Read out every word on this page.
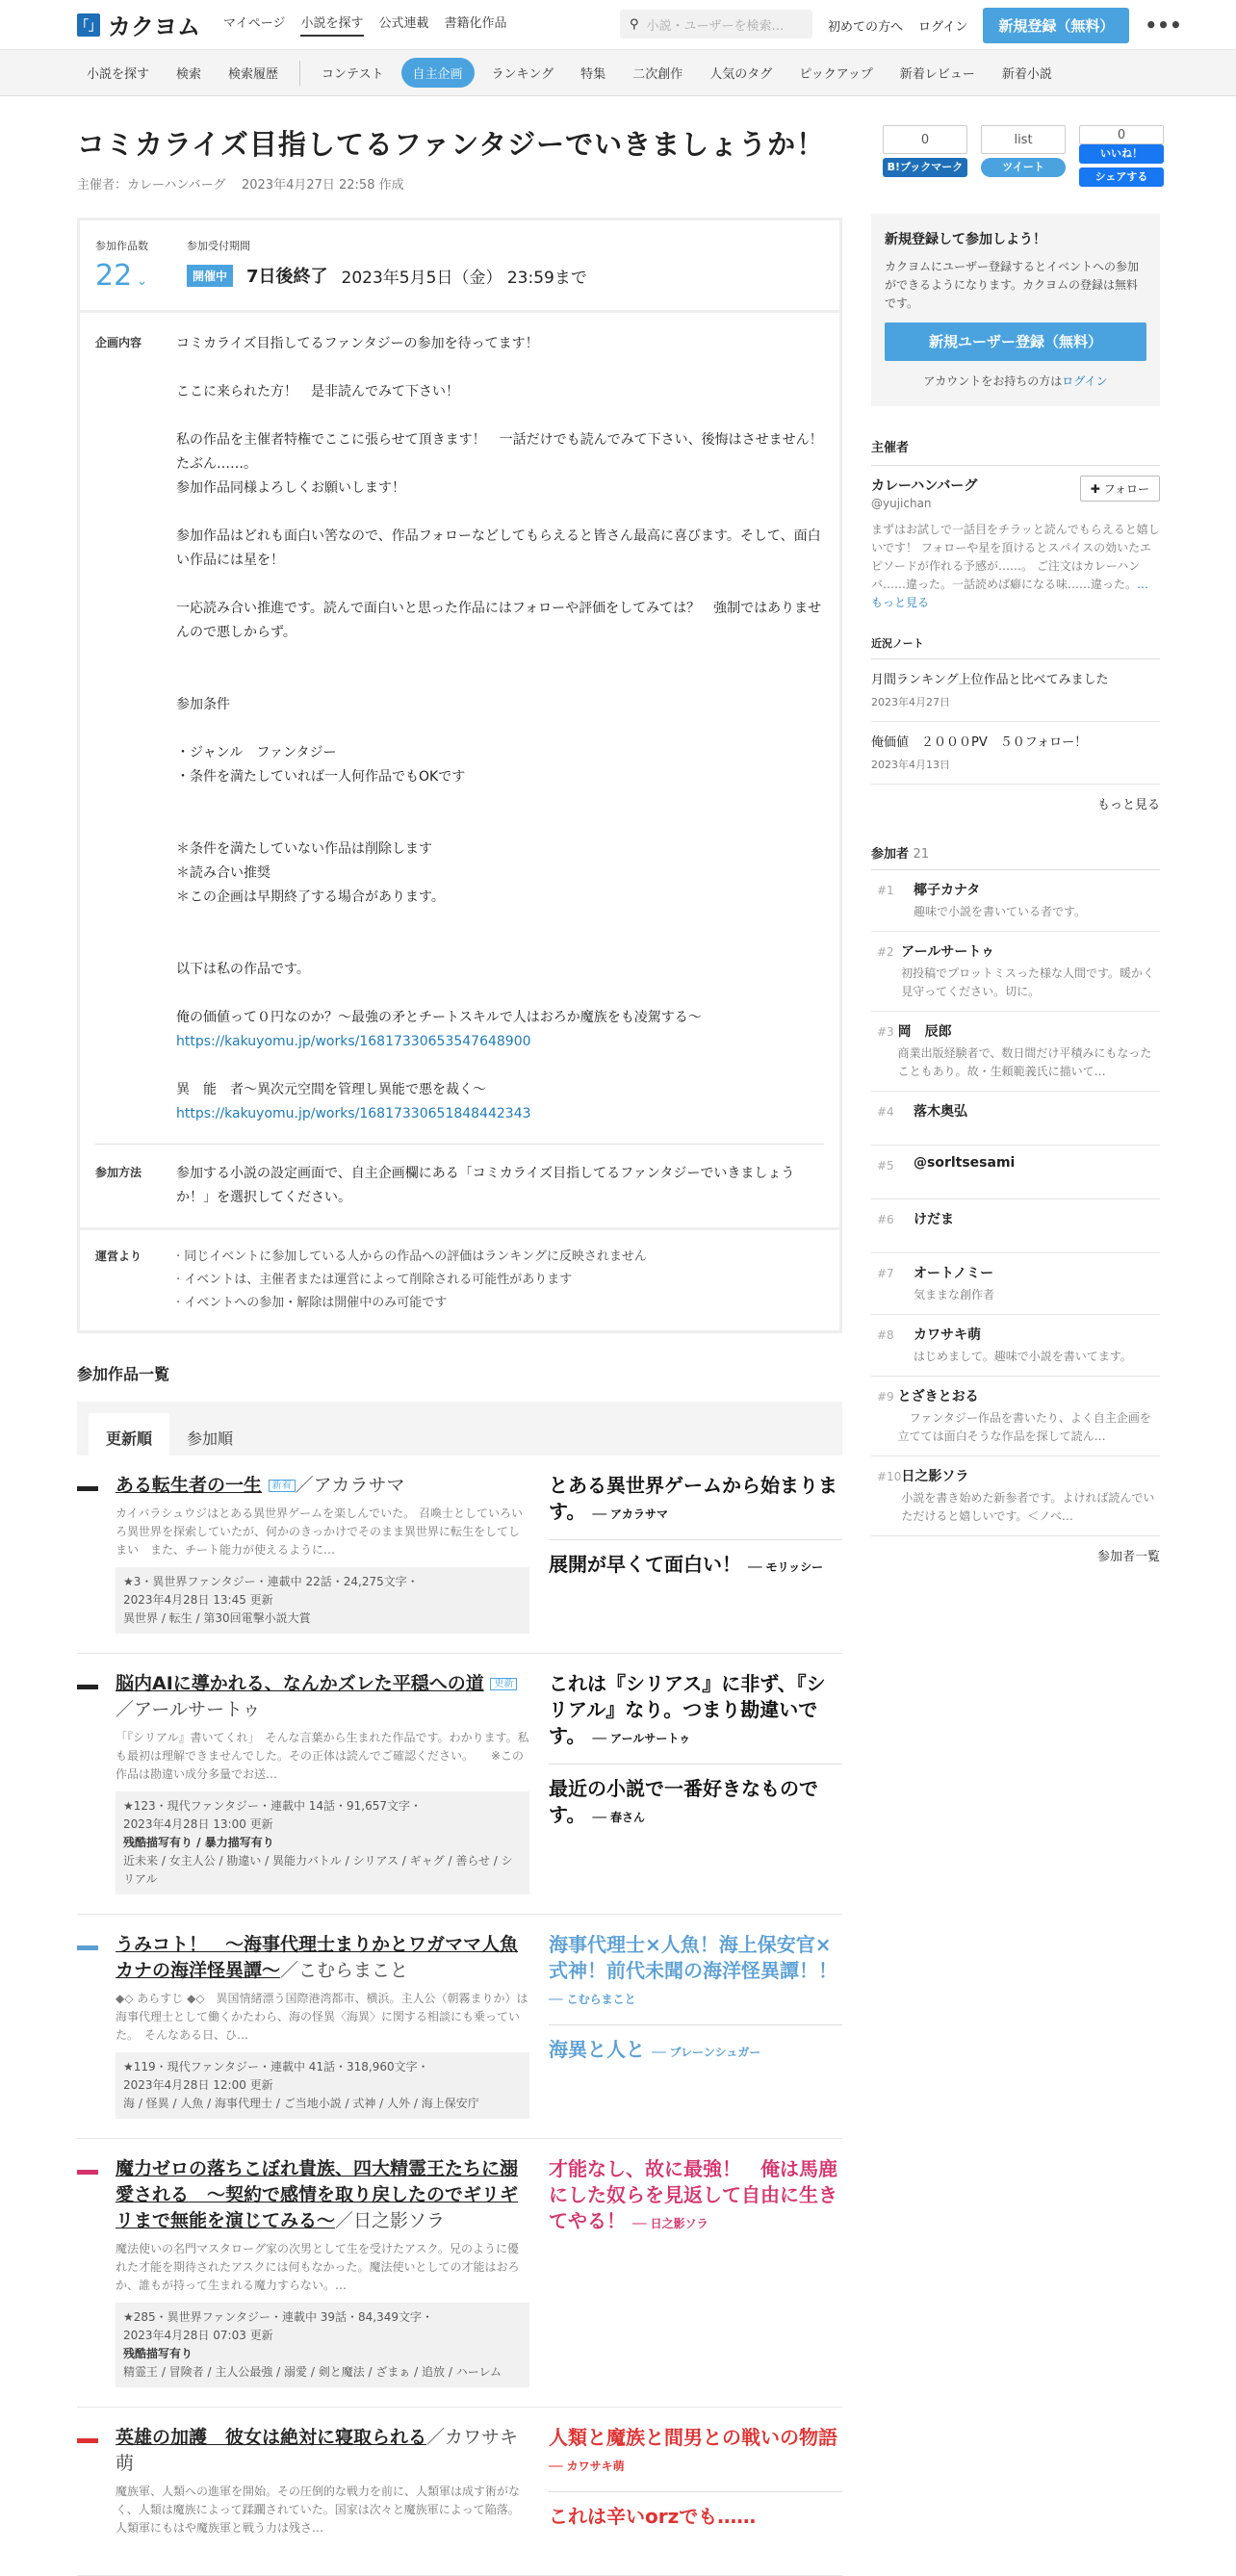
「」 カクヨム マイページ 小説を探す 公式連載 書籍化作品	⚲ 小説・ユーザーを検索…	初めての方へ ログイン	新規登録（無料）	•••
小説を探す	検索	検索履歴	コンテスト	自主企画	ランキング	特集	二次創作	人気のタグ	ピックアップ	新着レビュー	新着小説
0
B!ブックマーク
list
ツイート
0
いいね！
シェアする
コミカライズ目指してるファンタジーでいきましょうか！
主催者：カレーハンバーグ 2023年4月27日 22:58 作成
参加作品数
22 ⌄
参加受付期間
開催中	7日後終了 2023年5月5日（金） 23:59まで
企画内容	コミカライズ目指してるファンタジーの参加を待ってます！

ここに来られた方！　是非読んでみて下さい！

私の作品を主催者特権でここに張らせて頂きます！　一話だけでも読んでみて下さい、後悔はさせません！　たぶん……。

参加作品同様よろしくお願いします！

参加作品はどれも面白い筈なので、作品フォローなどしてもらえると皆さん最高に喜びます。そして、面白い作品には星を！

一応読み合い推進です。読んで面白いと思った作品にはフォローや評価をしてみては？　強制ではありませんので悪しからず。

参加条件

・ジャンル　ファンタジー

・条件を満たしていれば一人何作品でもOKです

＊条件を満たしていない作品は削除します

＊読み合い推奨

＊この企画は早期終了する場合があります。

以下は私の作品です。

俺の価値って０円なのか？〜最強の矛とチートスキルで人はおろか魔族をも凌駕する〜

https://kakuyomu.jp/works/16817330653547648900

異　能　者〜異次元空間を管理し異能で悪を裁く〜

https://kakuyomu.jp/works/16817330651848442343

参加方法	参加する小説の設定画面で、自主企画欄にある「コミカライズ目指してるファンタジーでいきましょうか！」を選択してください。

運営より	· 同じイベントに参加している人からの作品への評価はランキングに反映されません

· イベントは、主催者または運営によって削除される可能性があります

· イベントへの参加・解除は開催中のみ可能です

参加作品一覧
更新順	参加順
ある転生者の一生 新着 ／アカラサマ
カイバラシュウジはとある異世界ゲームを楽しんでいた。 召喚士としていろいろ異世界を探索していたが、何かのきっかけでそのまま異世界に転生をしてしまい　また、チート能力が使えるように…
★3・異世界ファンタジー・連載中 22話・24,275文字・
2023年4月28日 13:45 更新
異世界 / 転生 / 第30回電撃小説大賞
とある異世界ゲームから始まります。 ── アカラサマ
展開が早くて面白い！ ── モリッシー
脳内AIに導かれる、なんかズレた平穏への道 更新／アールサートゥ
「『シリアル』書いてくれ」　そんな言葉から生まれた作品です。わかります。私も最初は理解できませんでした。その正体は読んでご確認ください。　　※この作品は勘違い成分多量でお送…
★123・現代ファンタジー・連載中 14話・91,657文字・
2023年4月28日 13:00 更新
残酷描写有り / 暴力描写有り
近未来 / 女主人公 / 勘違い / 異能力バトル / シリアス / ギャグ / 善らせ / シリアル
これは『シリアス』に非ず、『シリアル』なり。つまり勘違いです。 ── アールサートゥ
最近の小説で一番好きなものです。 ── 春さん
うみコト！　〜海事代理士まりかとワガママ人魚カナの海洋怪異譚〜／こむらまこと
◆◇ あらすじ ◆◇　異国情緒漂う国際港湾都市、横浜。主人公（朝霧まりか）は海事代理士として働くかたわら、海の怪異〈海異〉に関する相談にも乗っていた。　そんなある日、ひ…
★119・現代ファンタジー・連載中 41話・318,960文字・
2023年4月28日 12:00 更新
海 / 怪異 / 人魚 / 海事代理士 / ご当地小説 / 式神 / 人外 / 海上保安庁
海事代理士×人魚！海上保安官×式神！前代未聞の海洋怪異譚！！ ── こむらまこと
海異と人と ── ブレーンシュガー
魔力ゼロの落ちこぼれ貴族、四大精霊王たちに溺愛される　〜契約で感情を取り戻したのでギリギリまで無能を演じてみる〜／日之影ソラ
魔法使いの名門マスタローグ家の次男として生を受けたアスク。兄のように優れた才能を期待されたアスクには何もなかった。魔法使いとしての才能はおろか、誰もが持って生まれる魔力すらない。…
★285・異世界ファンタジー・連載中 39話・84,349文字・
2023年4月28日 07:03 更新
残酷描写有り
精霊王 / 冒険者 / 主人公最強 / 溺愛 / 剣と魔法 / ざまぁ / 追放 / ハーレム
才能なし、故に最強！　俺は馬鹿にした奴らを見返して自由に生きてやる！ ── 日之影ソラ
英雄の加護　彼女は絶対に寝取られる／カワサキ萌
魔族軍、人類への進軍を開始。その圧倒的な戦力を前に、人類軍は成す術がなく、人類は魔族によって蹂躙されていた。国家は次々と魔族軍によって陥落。人類軍にもはや魔族軍と戦う力は残さ…
人類と魔族と間男との戦いの物語 ── カワサキ萌
これは辛いorzでも……
新規登録して参加しよう！

カクヨムにユーザー登録するとイベントへの参加ができるようになります。カクヨムの登録は無料です。

新規ユーザー登録（無料）

アカウントをお持ちの方はログイン

主催者
✚ フォロー
カレーハンバーグ
@yujichan
まずはお試しで一話目をチラッと読んでもらえると嬉しいです！ フォローや星を頂けるとスパイスの効いたエピソードが作れる予感が……。 ご注文はカレーハンバ……違った。一話読めば癖になる味……違った。…もっと見る
近況ノート
月間ランキング上位作品と比べてみました
2023年4月27日
俺価値　２０００PV　５０フォロー！
2023年4月13日
もっと見る
参加者 21
#1	椰子カナタ
趣味で小説を書いている者です。
#2 アールサートゥ
初投稿でプロットミスった様な人間です。暖かく見守ってください。切に。
#3 岡　辰郎
商業出版経験者で、数日間だけ平積みにもなったこともあり。故・生頼範義氏に描いて…
#4	落木奥弘
#5	@sorltsesami
#6	けだま
#7	オートノミー
気ままな創作者
#8	カワサキ萌
はじめまして。趣味で小説を書いてます。
#9 とざきとおる
　ファンタジー作品を書いたり、よく自主企画を立てては面白そうな作品を探して読ん…
#10 日之影ソラ
小説を書き始めた新参者です。よければ読んでいただけると嬉しいです。＜ノベ…
参加者一覧
